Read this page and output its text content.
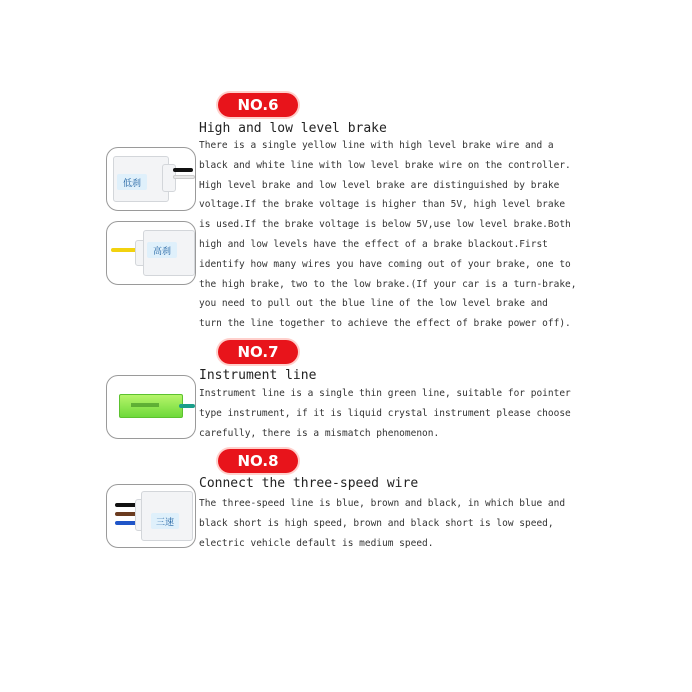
NO.6
High and low level brake
There is a single yellow line with high level brake wire and a
black and white line with low level brake wire on the controller.
High level brake and low level brake are distinguished by brake
voltage.If the brake voltage is higher than 5V, high level brake
is used.If the brake voltage is below 5V,use low level brake.Both
high and low levels have the effect of a brake blackout.First
identify how many wires you have coming out of your brake, one to
the high brake, two to the low brake.(If your car is a turn-brake,
you need to pull out the blue line of the low level brake and
turn the line together to achieve the effect of brake power off).
低刹
高刹
NO.7
Instrument line
Instrument line is a single thin green line, suitable for pointer
type instrument, if it is liquid crystal instrument please choose
carefully, there is a mismatch phenomenon.
NO.8
Connect the three-speed wire
The three-speed line is blue, brown and black, in which blue and
black short is high speed, brown and black short is low speed,
electric vehicle default is medium speed.
三速
